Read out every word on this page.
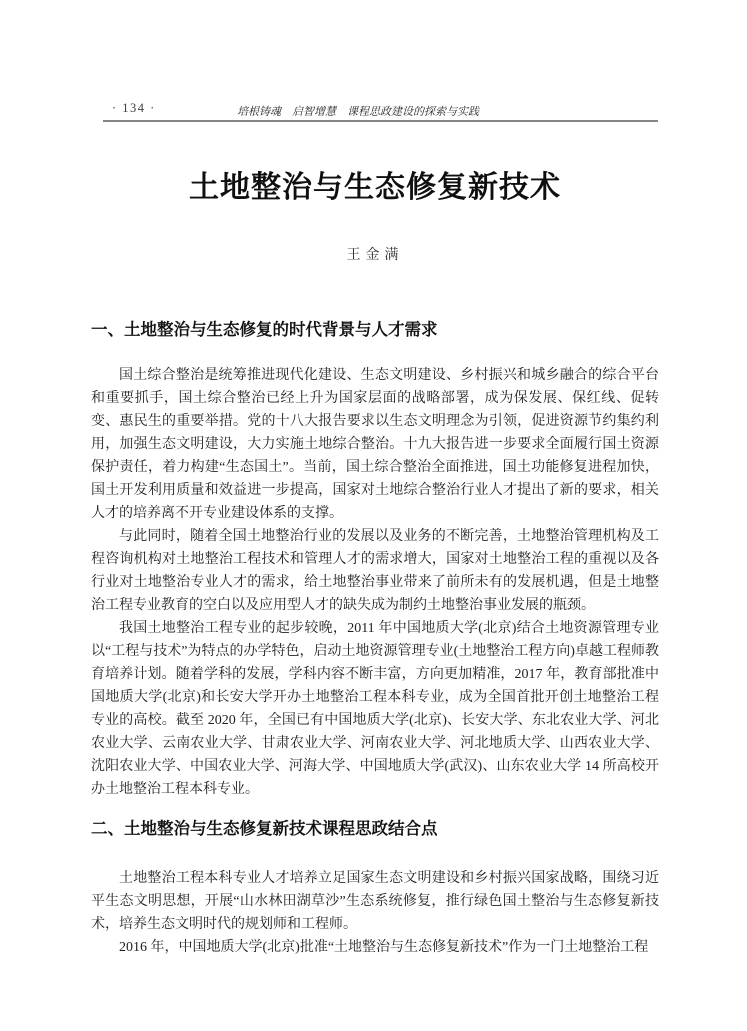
· 134 ·	培根铸魂　启智增慧　课程思政建设的探索与实践
土地整治与生态修复新技术
王金满
一、土地整治与生态修复的时代背景与人才需求

国土综合整治是统筹推进现代化建设、生态文明建设、乡村振兴和城乡融合的综合平台和重要抓手，国土综合整治已经上升为国家层面的战略部署，成为保发展、保红线、促转变、惠民生的重要举措。党的十八大报告要求以生态文明理念为引领，促进资源节约集约利用，加强生态文明建设，大力实施土地综合整治。十九大报告进一步要求全面履行国土资源保护责任，着力构建“生态国土”。当前，国土综合整治全面推进，国土功能修复进程加快，国土开发利用质量和效益进一步提高，国家对土地综合整治行业人才提出了新的要求，相关人才的培养离不开专业建设体系的支撑。

与此同时，随着全国土地整治行业的发展以及业务的不断完善，土地整治管理机构及工程咨询机构对土地整治工程技术和管理人才的需求增大，国家对土地整治工程的重视以及各行业对土地整治专业人才的需求，给土地整治事业带来了前所未有的发展机遇，但是土地整治工程专业教育的空白以及应用型人才的缺失成为制约土地整治事业发展的瓶颈。

我国土地整治工程专业的起步较晚，2011 年中国地质大学(北京)结合土地资源管理专业以“工程与技术”为特点的办学特色，启动土地资源管理专业(土地整治工程方向)卓越工程师教育培养计划。随着学科的发展，学科内容不断丰富，方向更加精准，2017 年，教育部批准中国地质大学(北京)和长安大学开办土地整治工程本科专业，成为全国首批开创土地整治工程专业的高校。截至 2020 年，全国已有中国地质大学(北京)、长安大学、东北农业大学、河北农业大学、云南农业大学、甘肃农业大学、河南农业大学、河北地质大学、山西农业大学、沈阳农业大学、中国农业大学、河海大学、中国地质大学(武汉)、山东农业大学 14 所高校开办土地整治工程本科专业。

二、土地整治与生态修复新技术课程思政结合点

土地整治工程本科专业人才培养立足国家生态文明建设和乡村振兴国家战略，围绕习近平生态文明思想，开展“山水林田湖草沙”生态系统修复，推行绿色国土整治与生态修复新技术，培养生态文明时代的规划师和工程师。

2016 年，中国地质大学(北京)批准“土地整治与生态修复新技术”作为一门土地整治工程
